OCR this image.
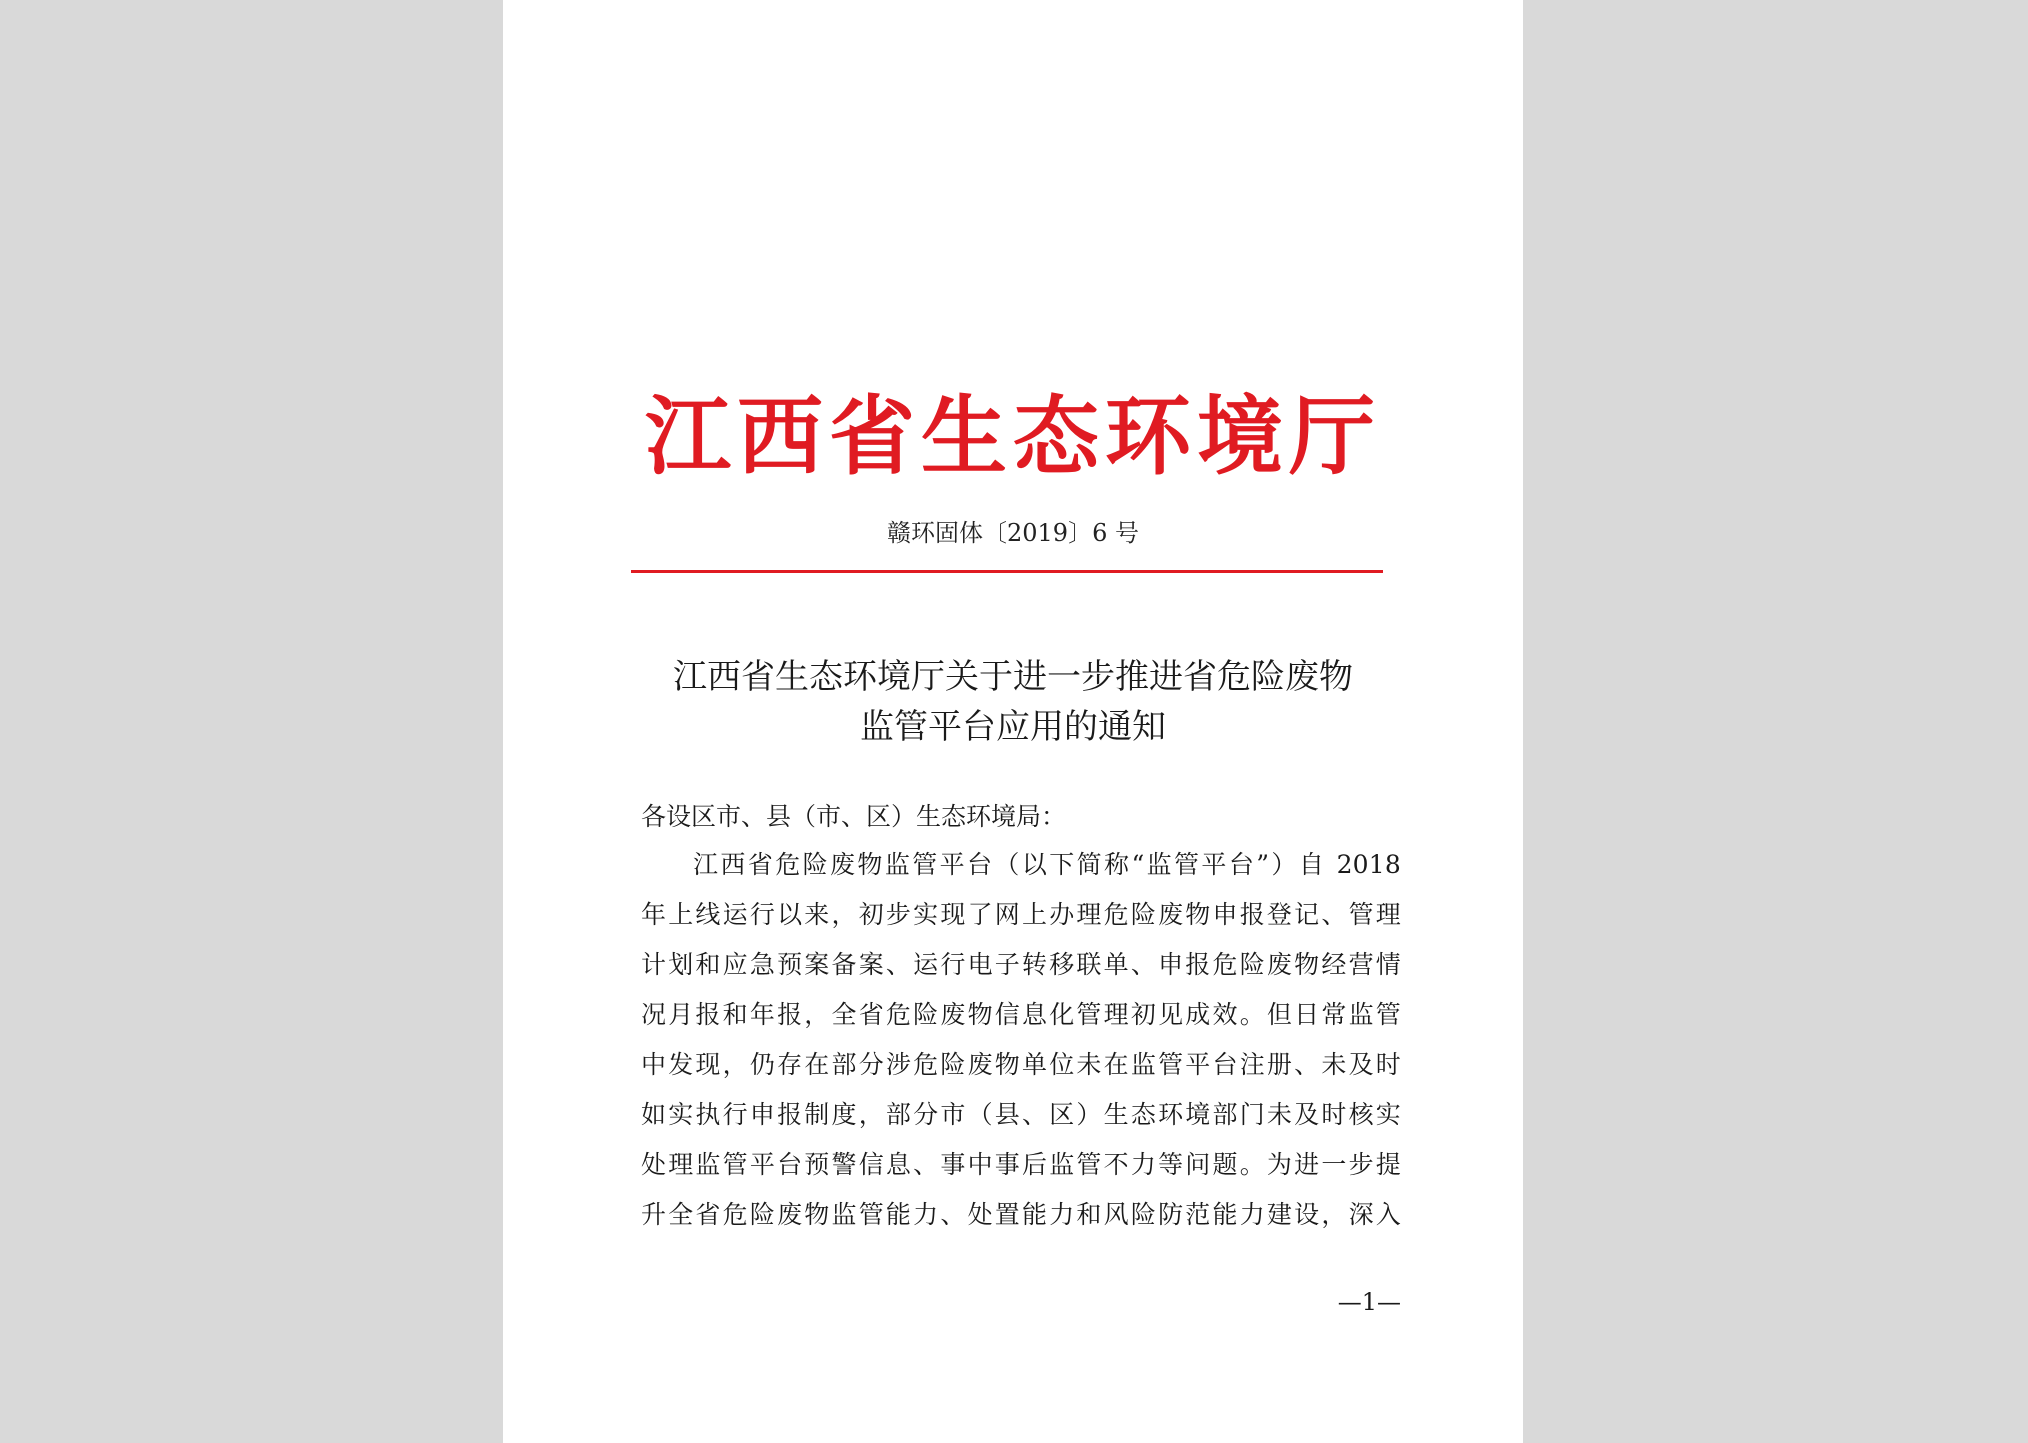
江西省生态环境厅
赣环固体〔2019〕6 号
江西省生态环境厅关于进一步推进省危险废物
监管平台应用的通知
各设区市、县（市、区）生态环境局：
江西省危险废物监管平台（以下简称“监管平台”）自 2018
年上线运行以来，初步实现了网上办理危险废物申报登记、管理
计划和应急预案备案、运行电子转移联单、申报危险废物经营情
况月报和年报，全省危险废物信息化管理初见成效。但日常监管
中发现，仍存在部分涉危险废物单位未在监管平台注册、未及时
如实执行申报制度，部分市（县、区）生态环境部门未及时核实
处理监管平台预警信息、事中事后监管不力等问题。为进一步提
升全省危险废物监管能力、处置能力和风险防范能力建设，深入
—1—
